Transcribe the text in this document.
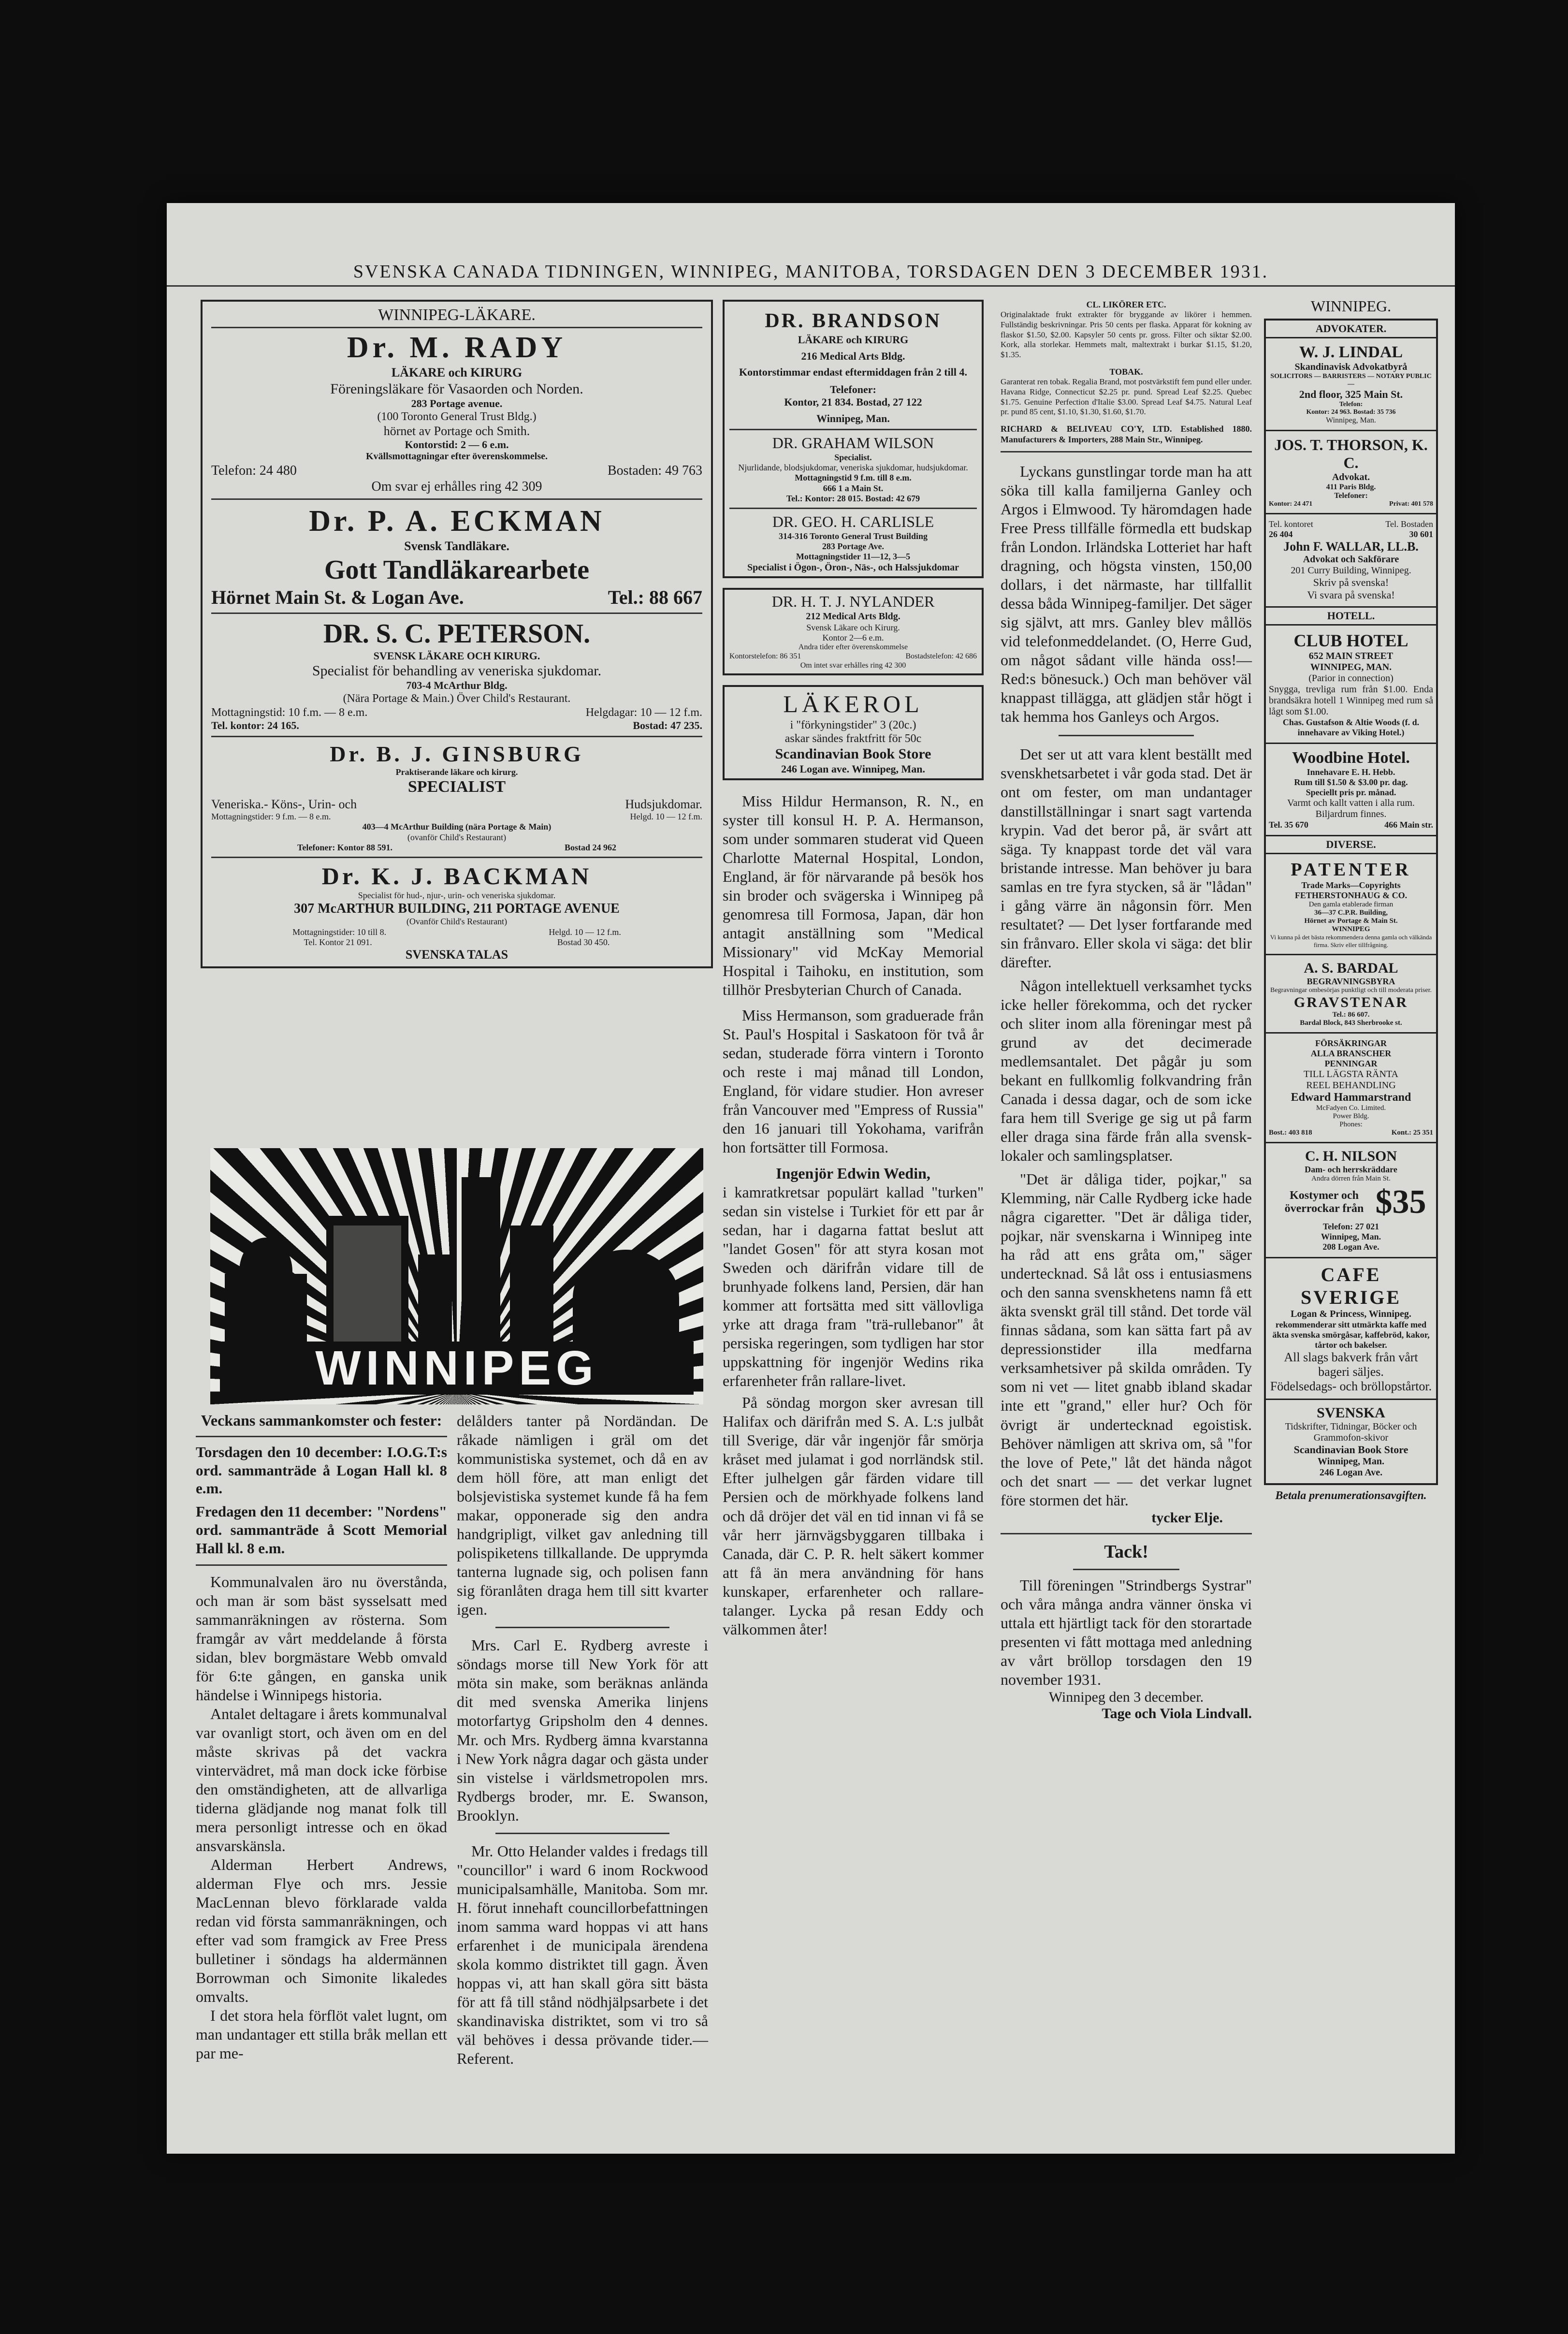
SVENSKA CANADA TIDNINGEN, WINNIPEG, MANITOBA, TORSDAGEN DEN 3 DECEMBER 1931.
WINNIPEG-LÄKARE.
Dr. M. RADY
LÄKARE och KIRURG
Föreningsläkare för Vasaorden och Norden.
283 Portage avenue.
(100 Toronto General Trust Bldg.)
hörnet av Portage och Smith.
Kontorstid: 2 — 6 e.m.
Kvällsmottagningar efter överenskommelse.
Telefon: 24 480	Bostaden: 49 763
Om svar ej erhålles ring 42 309
Dr. P. A. ECKMAN
Svensk Tandläkare.
Gott Tandläkarearbete
Hörnet Main St. & Logan Ave.	Tel.: 88 667
DR. S. C. PETERSON.
SVENSK LÄKARE OCH KIRURG.
Specialist för behandling av veneriska sjukdomar.
703-4 McArthur Bldg.
(Nära Portage & Main.) Över Child's Restaurant.
Mottagningstid: 10 f.m. — 8 e.m.	Helgdagar: 10 — 12 f.m.
Tel. kontor: 24 165.	Bostad: 47 235.
Dr. B. J. GINSBURG
Praktiserande läkare och kirurg.
SPECIALIST
Veneriska.- Köns-, Urin- och	Hudsjukdomar.
Mottagningstider: 9 f.m. — 8 e.m.	Helgd. 10 — 12 f.m.
403—4 McArthur Building (nära Portage & Main)
(ovanför Child's Restaurant)
Telefoner: Kontor 88 591.	Bostad 24 962
Dr. K. J. BACKMAN
Specialist för hud-, njur-, urin- och veneriska sjukdomar.
307 McARTHUR BUILDING, 211 PORTAGE AVENUE
(Ovanför Child's Restaurant)
Mottagningstider: 10 till 8.	Helgd. 10 — 12 f.m.
Tel. Kontor 21 091.	Bostad 30 450.
SVENSKA TALAS
WINNIPEG
Veckans sammankomster och fester:

Torsdagen den 10 december: I.O.G.T:s ord. sammanträde å Logan Hall kl. 8 e.m.

Fredagen den 11 december: "Nordens" ord. sammanträde å Scott Memorial Hall kl. 8 e.m.

Kommunalvalen äro nu överstånda, och man är som bäst sysselsatt med sammanräkningen av rösterna. Som framgår av vårt meddelande å första sidan, blev borgmästare Webb omvald för 6:te gången, en ganska unik händelse i Winnipegs historia.

Antalet deltagare i årets kommunalval var ovanligt stort, och även om en del måste skrivas på det vackra vintervädret, må man dock icke förbise den omständigheten, att de allvarliga tiderna glädjande nog manat folk till mera personligt intresse och en ökad ansvarskänsla.

Alderman Herbert Andrews, alderman Flye och mrs. Jessie MacLennan blevo förklarade valda redan vid första sammanräkningen, och efter vad som framgick av Free Press bulletiner i söndags ha aldermännen Borrowman och Simonite likaledes omvalts.

I det stora hela förflöt valet lugnt, om man undantager ett stilla bråk mellan ett par me-

delålders tanter på Nordändan. De råkade nämligen i gräl om det kommunistiska systemet, och då en av dem höll före, att man enligt det bolsjevistiska systemet kunde få ha fem makar, opponerade sig den andra handgripligt, vilket gav anledning till polispiketens tillkallande. De upprymda tanterna lugnade sig, och polisen fann sig föranlåten draga hem till sitt kvarter igen.

Mrs. Carl E. Rydberg avreste i söndags morse till New York för att möta sin make, som beräknas anlända dit med svenska Amerika linjens motorfartyg Gripsholm den 4 dennes. Mr. och Mrs. Rydberg ämna kvarstanna i New York några dagar och gästa under sin vistelse i världsmetropolen mrs. Rydbergs broder, mr. E. Swanson, Brooklyn.

Mr. Otto Helander valdes i fredags till "councillor" i ward 6 inom Rockwood municipalsamhälle, Manitoba. Som mr. H. förut innehaft councillorbefattningen inom samma ward hoppas vi att hans erfarenhet i de municipala ärendena skola kommo distriktet till gagn. Även hoppas vi, att han skall göra sitt bästa för att få till stånd nödhjälpsarbete i det skandinaviska distriktet, som vi tro så väl behöves i dessa prövande tider.—Referent.

DR. BRANDSON
LÄKARE och KIRURG
216 Medical Arts Bldg.
Kontorstimmar endast eftermiddagen från 2 till 4.
Telefoner:
Kontor, 21 834. Bostad, 27 122
Winnipeg, Man.
DR. GRAHAM WILSON
Specialist.
Njurlidande, blodsjukdomar, veneriska sjukdomar, hudsjukdomar.
Mottagningstid 9 f.m. till 8 e.m.
666 1 a Main St.
Tel.: Kontor: 28 015. Bostad: 42 679
DR. GEO. H. CARLISLE
314-316 Toronto General Trust Building
283 Portage Ave.
Mottagningstider 11—12, 3—5
Specialist i Ögon-, Öron-, Näs-, och Halssjukdomar
DR. H. T. J. NYLANDER
212 Medical Arts Bldg.
Svensk Läkare och Kirurg.
Kontor 2—6 e.m.
Andra tider efter överenskommelse
Kontorstelefon: 86 351	Bostadstelefon: 42 686
Om intet svar erhålles ring 42 300
LÄKEROL
i "förkyningstider" 3 (20c.)
askar sändes fraktfritt för 50c
Scandinavian Book Store
246 Logan ave. Winnipeg, Man.

Miss Hildur Hermanson, R. N., en syster till konsul H. P. A. Hermanson, som under sommaren studerat vid Queen Charlotte Maternal Hospital, London, England, är för närvarande på besök hos sin broder och svägerska i Winnipeg på genomresa till Formosa, Japan, där hon antagit anställning som "Medical Missionary" vid McKay Memorial Hospital i Taihoku, en institution, som tillhör Presbyterian Church of Canada.

Miss Hermanson, som graduerade från St. Paul's Hospital i Saskatoon för två år sedan, studerade förra vintern i Toronto och reste i maj månad till London, England, för vidare studier. Hon avreser från Vancouver med "Empress of Russia" den 16 januari till Yokohama, varifrån hon fortsätter till Formosa.

Ingenjör Edwin Wedin,

i kamratkretsar populärt kallad "turken" sedan sin vistelse i Turkiet för ett par år sedan, har i dagarna fattat beslut att "landet Gosen" för att styra kosan mot Sweden och därifrån vidare till de brunhyade folkens land, Persien, där han kommer att fortsätta med sitt vällovliga yrke att draga fram "trä-rullebanor" åt persiska regeringen, som tydligen har stor uppskattning för ingenjör Wedins rika erfarenheter från rallare-livet.

På söndag morgon sker avresan till Halifax och därifrån med S. A. L:s julbåt till Sverige, där vår ingenjör får smörja kråset med julamat i god norrländsk stil. Efter julhelgen går färden vidare till Persien och de mörkhyade folkens land och då dröjer det väl en tid innan vi få se vår herr järnvägsbyggaren tillbaka i Canada, där C. P. R. helt säkert kommer att få än mera användning för hans kunskaper, erfarenheter och rallare-talanger. Lycka på resan Eddy och välkommen åter!

CL. LIKÖRER ETC.

Originalaktade frukt extrakter för bryggande av likörer i hemmen. Fullständig beskrivningar. Pris 50 cents per flaska. Apparat för kokning av flaskor $1.50, $2.00. Kapsyler 50 cents pr. gross. Filter och siktar $2.00. Kork, alla storlekar. Hemmets malt, maltextrakt i burkar $1.15, $1.20, $1.35.

TOBAK.

Garanterat ren tobak. Regalia Brand, mot postvärkstift fem pund eller under. Havana Ridge, Connecticut $2.25 pr. pund. Spread Leaf $2.25. Quebec $1.75. Genuine Perfection d'Italie $3.00. Spread Leaf $4.75. Natural Leaf pr. pund 85 cent, $1.10, $1.30, $1.60, $1.70.

RICHARD & BELIVEAU CO'Y, LTD. Established 1880. Manufacturers & Importers, 288 Main Str., Winnipeg.

Lyckans gunstlingar torde man ha att söka till kalla familjerna Ganley och Argos i Elmwood. Ty häromdagen hade Free Press tillfälle förmedla ett budskap från London. Irländska Lotteriet har haft dragning, och högsta vinsten, 150,00 dollars, i det närmaste, har tillfallit dessa båda Winnipeg-familjer. Det säger sig självt, att mrs. Ganley blev mållös vid telefonmeddelandet. (O, Herre Gud, om något sådant ville hända oss!—Red:s bönesuck.) Och man behöver väl knappast tillägga, att glädjen står högt i tak hemma hos Ganleys och Argos.

Det ser ut att vara klent beställt med svenskhetsarbetet i vår goda stad. Det är ont om fester, om man undantager danstillställningar i snart sagt vartenda krypin. Vad det beror på, är svårt att säga. Ty knappast torde det väl vara bristande intresse. Man behöver ju bara samlas en tre fyra stycken, så är "lådan" i gång värre än någonsin förr. Men resultatet? — Det lyser fortfarande med sin frånvaro. Eller skola vi säga: det blir därefter.

Någon intellektuell verksamhet tycks icke heller förekomma, och det rycker och sliter inom alla föreningar mest på grund av det decimerade medlemsantalet. Det pågår ju som bekant en fullkomlig folkvandring från Canada i dessa dagar, och de som icke fara hem till Sverige ge sig ut på farm eller draga sina färde från alla svensk-lokaler och samlingsplatser.

"Det är dåliga tider, pojkar," sa Klemming, när Calle Rydberg icke hade några cigaretter. "Det är dåliga tider, pojkar, när svenskarna i Winnipeg inte ha råd att ens gråta om," säger undertecknad. Så låt oss i entusiasmens och den sanna svenskhetens namn få ett äkta svenskt gräl till stånd. Det torde väl finnas sådana, som kan sätta fart på av depressionstider illa medfarna verksamhetsiver på skilda områden. Ty som ni vet — litet gnabb ibland skadar inte ett "grand," eller hur? Och för övrigt är undertecknad egoistisk. Behöver nämligen att skriva om, så "for the love of Pete," låt det hända något och det snart — — det verkar lugnet före stormen det här.

tycker Elje.
Tack!

Till föreningen "Strindbergs Systrar" och våra många andra vänner önska vi uttala ett hjärtligt tack för den storartade presenten vi fått mottaga med anledning av vårt bröllop torsdagen den 19 november 1931.

Winnipeg den 3 december.
Tage och Viola Lindvall.
WINNIPEG.
ADVOKATER.
W. J. LINDAL
Skandinavisk Advokatbyrå
SOLICITORS — BARRISTERS — NOTARY PUBLIC —
2nd floor, 325 Main St.
Telefon:
Kontor: 24 963. Bostad: 35 736
Winnipeg, Man.
JOS. T. THORSON, K. C.
Advokat.
411 Paris Bldg.
Telefoner:
Kontor: 24 471	Privat: 401 578
Tel. kontoret	Tel. Bostaden
26 404	30 601
John F. WALLAR, LL.B.
Advokat och Sakförare
201 Curry Building, Winnipeg.
Skriv på svenska!
Vi svara på svenska!
HOTELL.
CLUB HOTEL
652 MAIN STREET
WINNIPEG, MAN.
(Parior in connection)
Snygga, trevliga rum från $1.00. Enda brandsäkra hotell 1 Winnipeg med rum så lågt som $1.00.
Chas. Gustafson & Altie Woods (f. d. innehavare av Viking Hotel.)
Woodbine Hotel.
Innehavare E. H. Hebb.
Rum till $1.50 & $3.00 pr. dag.
Speciellt pris pr. månad.
Varmt och kallt vatten i alla rum.
Biljardrum finnes.
Tel. 35 670	466 Main str.
DIVERSE.
PATENTER
Trade Marks—Copyrights
FETHERSTONHAUG & CO.
Den gamla etablerade firman
36—37 C.P.R. Building,
Hörnet av Portage & Main St.
WINNIPEG
Vi kunna på det bästa rekommendera denna gamla och välkända firma. Skriv eller tillfrågning.
A. S. BARDAL
BEGRAVNINGSBYRA
Begravningar ombesörjas punktligt och till moderata priser.
GRAVSTENAR
Tel.: 86 607.
Bardal Block, 843 Sherbrooke st.
FÖRSÄKRINGAR
ALLA BRANSCHER
PENNINGAR
TILL LÄGSTA RÄNTA
REEL BEHANDLING
Edward Hammarstrand
McFadyen Co. Limited.
Power Bldg.
Phones:
Bost.: 403 818	Kont.: 25 351
C. H. NILSON
Dam- och herrskräddare
Andra dörren från Main St.
Kostymer och överrockar från $35
Telefon: 27 021
Winnipeg, Man.
208 Logan Ave.
CAFE SVERIGE
Logan & Princess, Winnipeg.
rekommenderar sitt utmärkta kaffe med äkta svenska smörgåsar, kaffebröd, kakor, tårtor och bakelser.
All slags bakverk från vårt bageri säljes.
Födelsedags- och bröllopstårtor.
SVENSKA
Tidskrifter, Tidningar, Böcker och Grammofon-skivor
Scandinavian Book Store
Winnipeg, Man.
246 Logan Ave.
Betala prenumerationsavgiften.
